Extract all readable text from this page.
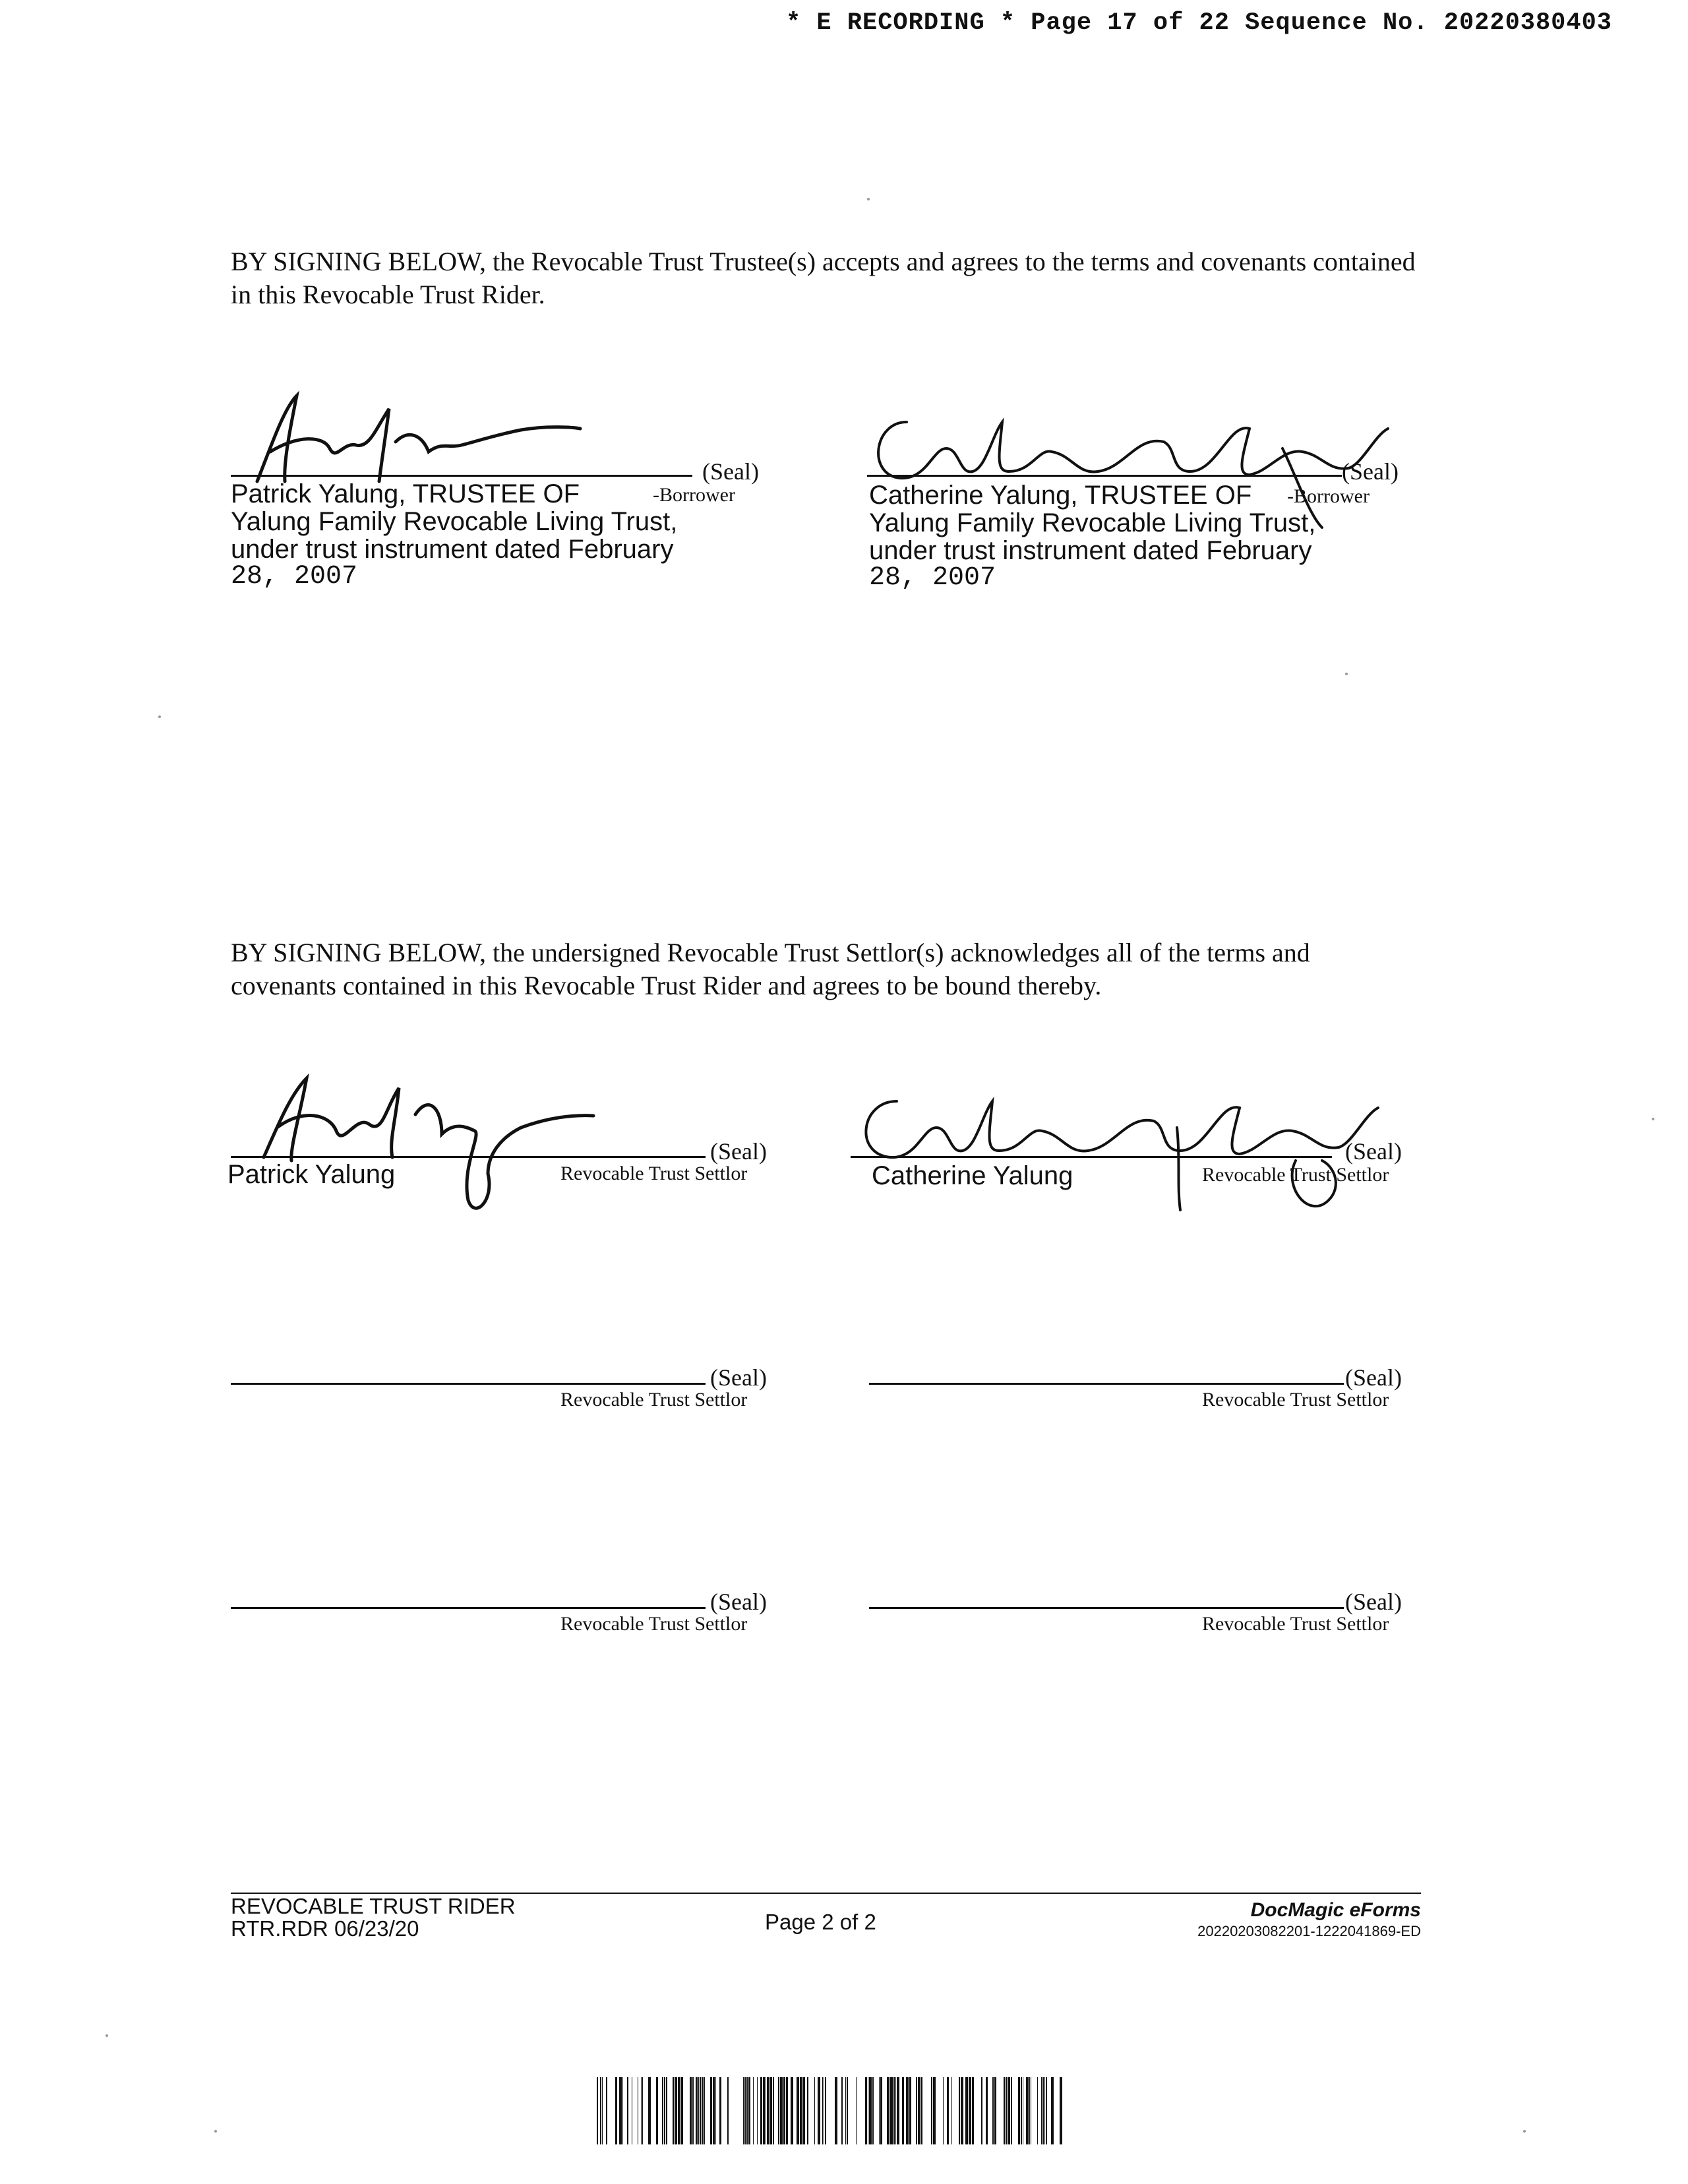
* E RECORDING * Page 17 of 22 Sequence No. 20220380403
BY SIGNING BELOW, the Revocable Trust Trustee(s) accepts and agrees to the terms and covenants contained in this Revocable Trust Rider.
(Seal)
Patrick Yalung, TRUSTEE OF	-Borrower
Yalung Family Revocable Living Trust,
under trust instrument dated February
28, 2007
(Seal)
Catherine Yalung, TRUSTEE OF -Borrower
Yalung Family Revocable Living Trust,
under trust instrument dated February
28, 2007
BY SIGNING BELOW, the undersigned Revocable Trust Settlor(s) acknowledges all of the terms and covenants contained in this Revocable Trust Rider and agrees to be bound thereby.
(Seal)
Patrick Yalung	Revocable Trust Settlor
(Seal)
Catherine Yalung	Revocable Trust Settlor
(Seal)
Revocable Trust Settlor
(Seal)
Revocable Trust Settlor
(Seal)
Revocable Trust Settlor
(Seal)
Revocable Trust Settlor
REVOCABLE TRUST RIDER
RTR.RDR 06/23/20	Page 2 of 2	DocMagic eForms
20220203082201-1222041869-ED
